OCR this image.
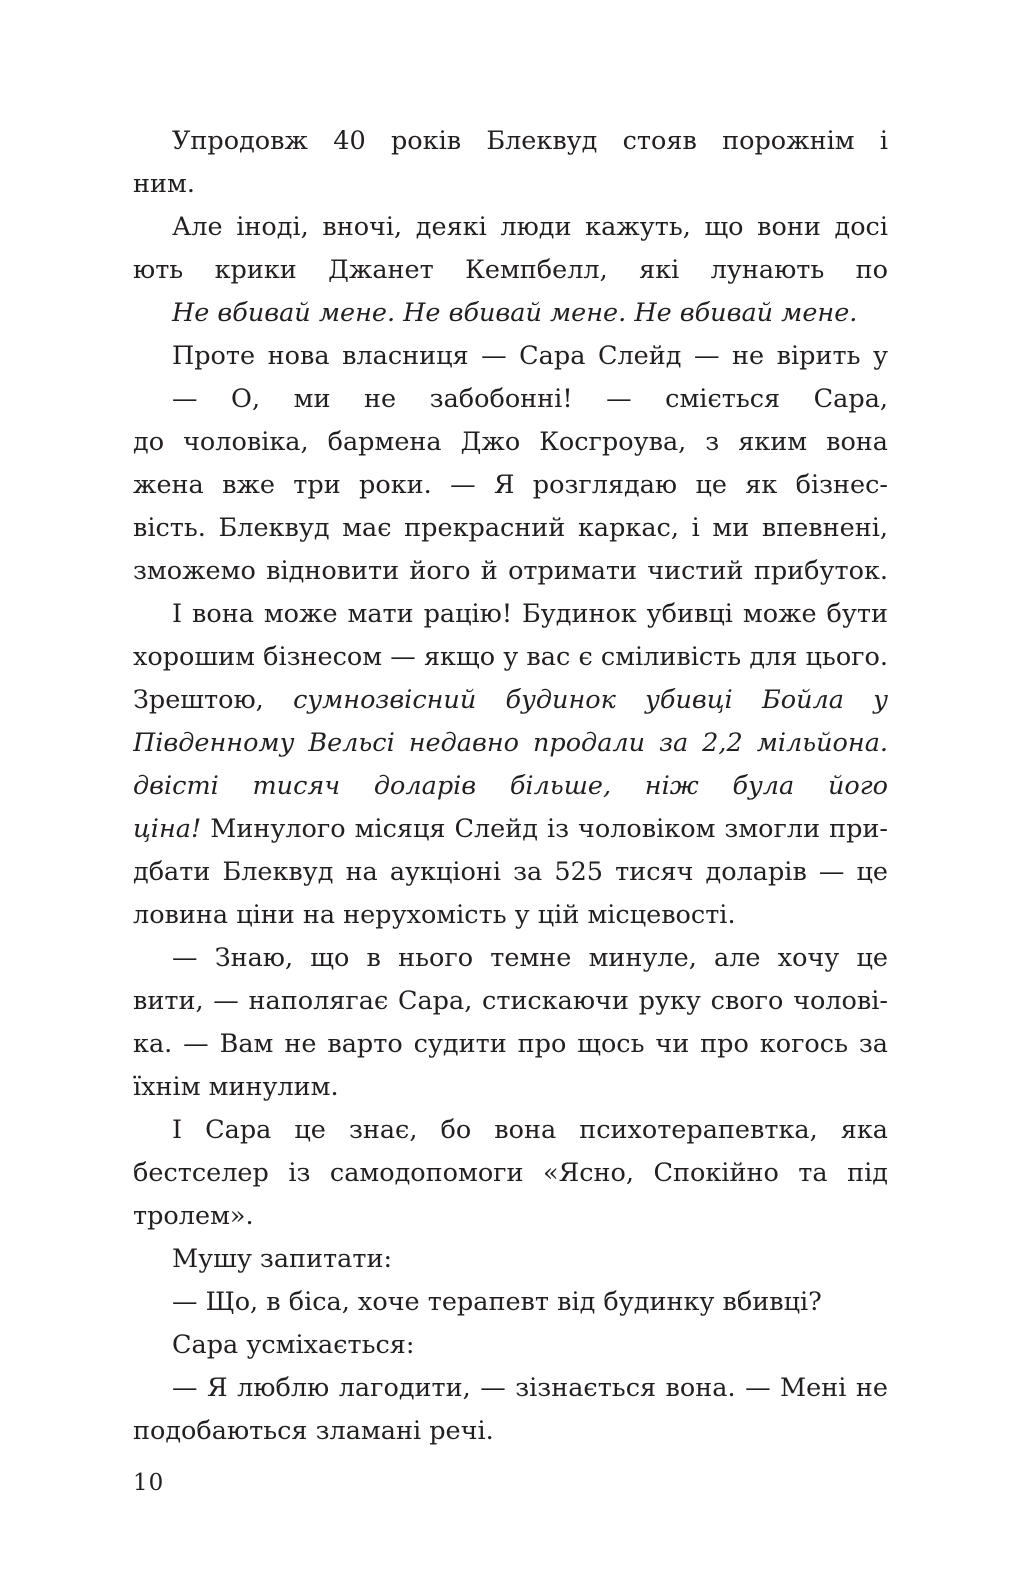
Упродовж 40 років Блеквуд стояв порожнім і
ним.
Але іноді, вночі, деякі люди кажуть, що вони досі
ють крики Джанет Кемпбелл, які лунають по
Не вбивай мене. Не вбивай мене. Не вбивай мене.
Проте нова власниця — Сара Слейд — не вірить у
— О, ми не забобонні! — сміється Сара,
до чоловіка, бармена Джо Косгроува, з яким вона
жена вже три роки. — Я розглядаю це як бізнес-
вість. Блеквуд має прекрасний каркас, і ми впевнені,
зможемо відновити його й отримати чистий прибуток.
І вона може мати рацію! Будинок убивці може бути
хорошим бізнесом — якщо у вас є сміливість для цього.
Зрештою, сумнозвісний будинок убивці Бойла у
Південному Вельсі недавно продали за 2,2 мільйона.
двісті тисяч доларів більше, ніж була його
ціна! Минулого місяця Слейд із чоловіком змогли при-
дбати Блеквуд на аукціоні за 525 тисяч доларів — це
ловина ціни на нерухомість у цій місцевості.
— Знаю, що в нього темне минуле, але хочу це
вити, — наполягає Сара, стискаючи руку свого чолові-
ка. — Вам не варто судити про щось чи про когось за
їхнім минулим.
І Сара це знає, бо вона психотерапевтка, яка
бестселер із самодопомоги «Ясно, Спокійно та під
тролем».
Мушу запитати:
— Що, в біса, хоче терапевт від будинку вбивці?
Сара усміхається:
— Я люблю лагодити, — зізнається вона. — Мені не
подобаються зламані речі.
10
